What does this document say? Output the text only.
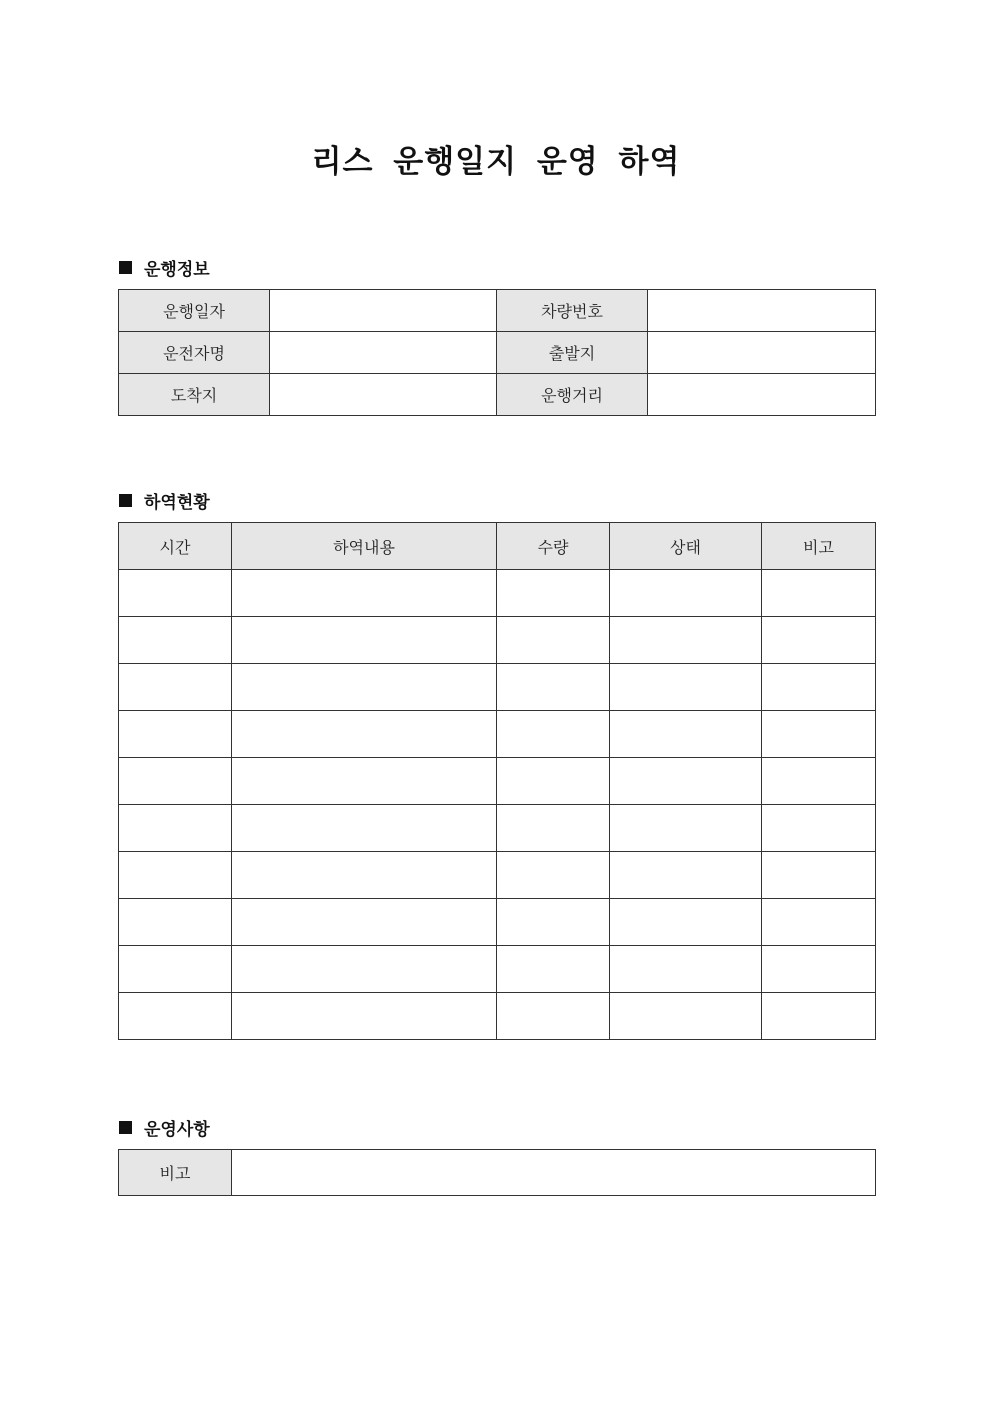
리스 운행일지 운영 하역
운행정보
운행일자		차량번호	
운전자명		출발지	
도착지		운행거리	
하역현황
시간	하역내용	수량	상태	비고

운영사항
비고	
